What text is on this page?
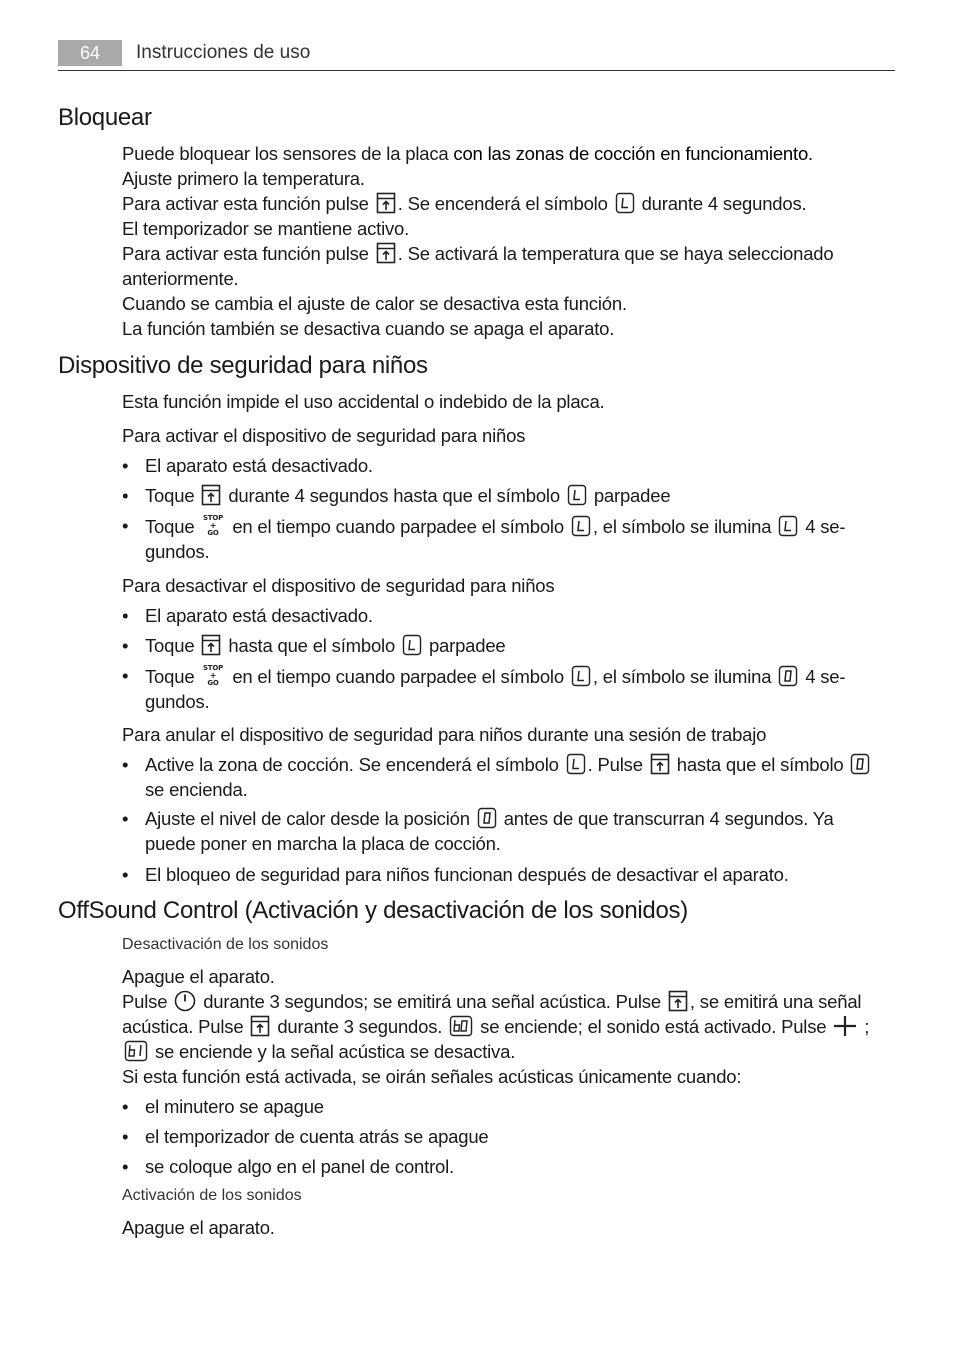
64	Instrucciones de uso
Bloquear

Puede bloquear los sensores de la placa con las zonas de cocción en funcionamiento.

Ajuste primero la temperatura.

Para activar esta función pulse . Se encenderá el símbolo durante 4 segundos.

El temporizador se mantiene activo.

Para activar esta función pulse . Se activará la temperatura que se haya seleccionado

anteriormente.

Cuando se cambia el ajuste de calor se desactiva esta función.

La función también se desactiva cuando se apaga el aparato.

Dispositivo de seguridad para niños
Esta función impide el uso accidental o indebido de la placa.
Para activar el dispositivo de seguridad para niños
• El aparato está desactivado.
• Toque durante 4 segundos hasta que el símbolo parpadee
• Toque STOP
+
GO en el tiempo cuando parpadee el símbolo , el símbolo se ilumina 4 se-
gundos.
Para desactivar el dispositivo de seguridad para niños
• El aparato está desactivado.
• Toque hasta que el símbolo parpadee
• Toque STOP
+
GO en el tiempo cuando parpadee el símbolo , el símbolo se ilumina 4 se-
gundos.
Para anular el dispositivo de seguridad para niños durante una sesión de trabajo
• Active la zona de cocción. Se encenderá el símbolo . Pulse hasta que el símbolo

se encienda.
• Ajuste el nivel de calor desde la posición antes de que transcurran 4 segundos. Ya
puede poner en marcha la placa de cocción.
• El bloqueo de seguridad para niños funcionan después de desactivar el aparato.
OffSound Control (Activación y desactivación de los sonidos)
Desactivación de los sonidos

Apague el aparato.

Pulse durante 3 segundos; se emitirá una señal acústica. Pulse , se emitirá una señal

acústica. Pulse durante 3 segundos. se enciende; el sonido está activado. Pulse ;

se enciende y la señal acústica se desactiva.

Si esta función está activada, se oirán señales acústicas únicamente cuando:

• el minutero se apague
• el temporizador de cuenta atrás se apague
• se coloque algo en el panel de control.
Activación de los sonidos
Apague el aparato.
